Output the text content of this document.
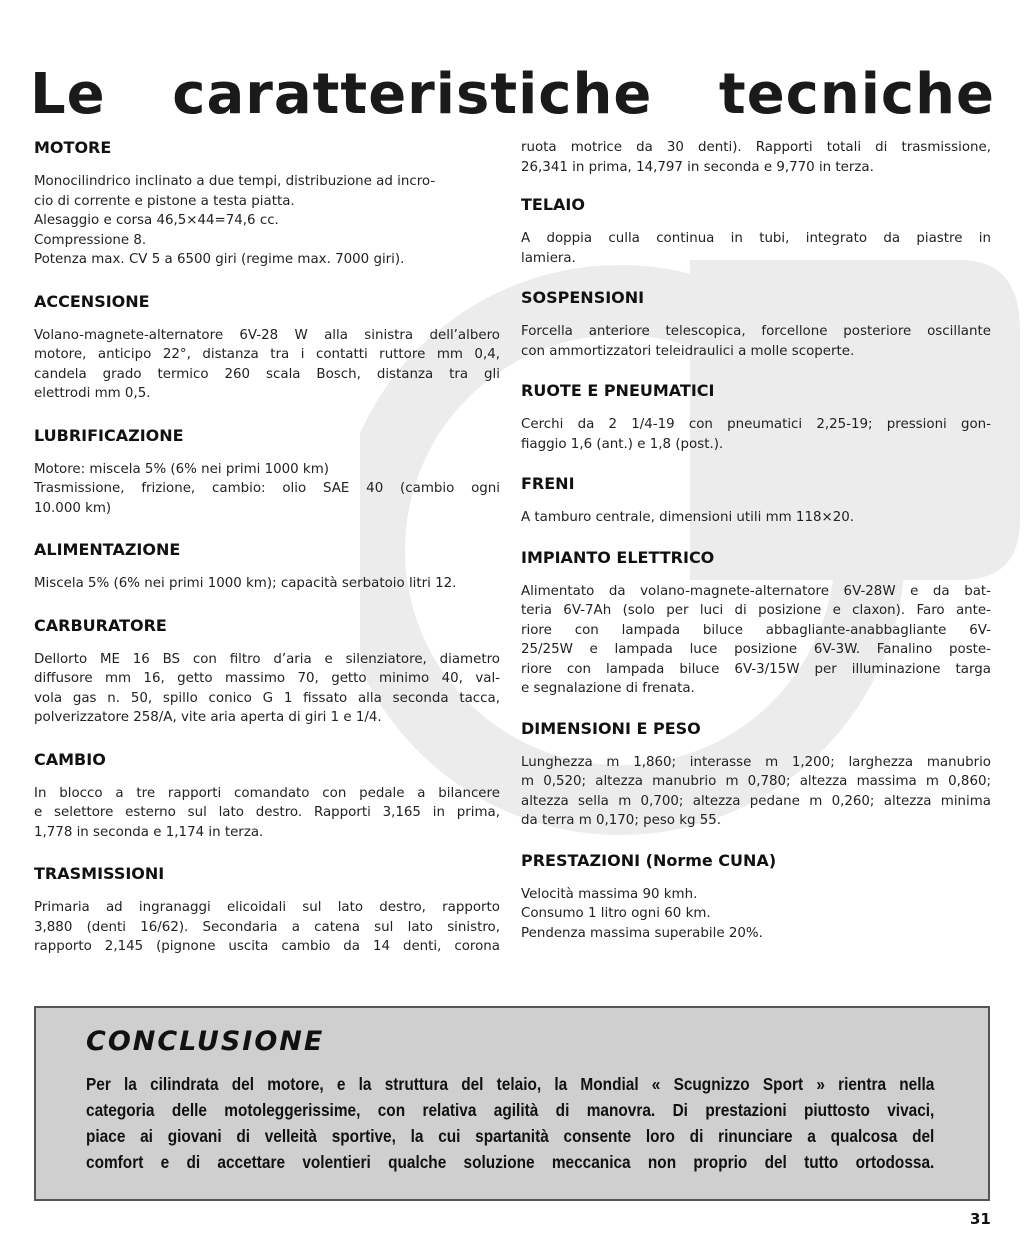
Le caratteristiche tecniche
MOTORE
Monocilindrico inclinato a due tempi, distribuzione ad incro-
cio di corrente e pistone a testa piatta.
Alesaggio e corsa 46,5×44=74,6 cc.
Compressione 8.
Potenza max. CV 5 a 6500 giri (regime max. 7000 giri).
ACCENSIONE
Volano-magnete-alternatore 6V-28 W alla sinistra dell’albero
motore, anticipo 22°, distanza tra i contatti ruttore mm 0,4,
candela grado termico 260 scala Bosch, distanza tra gli
elettrodi mm 0,5.
LUBRIFICAZIONE
Motore: miscela 5% (6% nei primi 1000 km)
Trasmissione, frizione, cambio: olio SAE 40 (cambio ogni
10.000 km)
ALIMENTAZIONE
Miscela 5% (6% nei primi 1000 km); capacità serbatoio litri 12.
CARBURATORE
Dellorto ME 16 BS con filtro d’aria e silenziatore, diametro
diffusore mm 16, getto massimo 70, getto minimo 40, val-
vola gas n. 50, spillo conico G 1 fissato alla seconda tacca,
polverizzatore 258/A, vite aria aperta di giri 1 e 1/4.
CAMBIO
In blocco a tre rapporti comandato con pedale a bilancere
e selettore esterno sul lato destro. Rapporti 3,165 in prima,
1,778 in seconda e 1,174 in terza.
TRASMISSIONI
Primaria ad ingranaggi elicoidali sul lato destro, rapporto
3,880 (denti 16/62). Secondaria a catena sul lato sinistro,
rapporto 2,145 (pignone uscita cambio da 14 denti, corona
ruota motrice da 30 denti). Rapporti totali di trasmissione,
26,341 in prima, 14,797 in seconda e 9,770 in terza.
TELAIO
A doppia culla continua in tubi, integrato da piastre in
lamiera.
SOSPENSIONI
Forcella anteriore telescopica, forcellone posteriore oscillante
con ammortizzatori teleidraulici a molle scoperte.
RUOTE E PNEUMATICI
Cerchi da 2 1/4-19 con pneumatici 2,25-19; pressioni gon-
fiaggio 1,6 (ant.) e 1,8 (post.).
FRENI
A tamburo centrale, dimensioni utili mm 118×20.
IMPIANTO ELETTRICO
Alimentato da volano-magnete-alternatore 6V-28W e da bat-
teria 6V-7Ah (solo per luci di posizione e claxon). Faro ante-
riore con lampada biluce abbagliante-anabbagliante 6V-
25/25W e lampada luce posizione 6V-3W. Fanalino poste-
riore con lampada biluce 6V-3/15W per illuminazione targa
e segnalazione di frenata.
DIMENSIONI E PESO
Lunghezza m 1,860; interasse m 1,200; larghezza manubrio
m 0,520; altezza manubrio m 0,780; altezza massima m 0,860;
altezza sella m 0,700; altezza pedane m 0,260; altezza minima
da terra m 0,170; peso kg 55.
PRESTAZIONI (Norme CUNA)
Velocità massima 90 kmh.
Consumo 1 litro ogni 60 km.
Pendenza massima superabile 20%.
CONCLUSIONE
Per la cilindrata del motore, e la struttura del telaio, la Mondial « Scugnizzo Sport » rientra nella
categoria delle motoleggerissime, con relativa agilità di manovra. Di prestazioni piuttosto vivaci,
piace ai giovani di velleità sportive, la cui spartanità consente loro di rinunciare a qualcosa del
comfort e di accettare volentieri qualche soluzione meccanica non proprio del tutto ortodossa.
31
